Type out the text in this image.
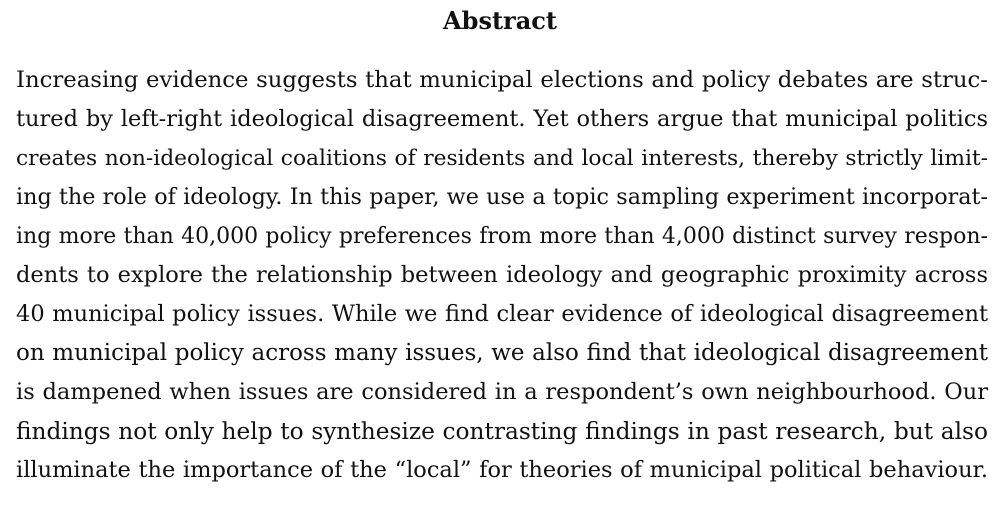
Abstract
Increasing evidence suggests that municipal elections and policy debates are struc-
tured by left-right ideological disagreement. Yet others argue that municipal politics
creates non-ideological coalitions of residents and local interests, thereby strictly limit-
ing the role of ideology. In this paper, we use a topic sampling experiment incorporat-
ing more than 40,000 policy preferences from more than 4,000 distinct survey respon-
dents to explore the relationship between ideology and geographic proximity across
40 municipal policy issues. While we find clear evidence of ideological disagreement
on municipal policy across many issues, we also find that ideological disagreement
is dampened when issues are considered in a respondent’s own neighbourhood. Our
findings not only help to synthesize contrasting findings in past research, but also
illuminate the importance of the “local” for theories of municipal political behaviour.
